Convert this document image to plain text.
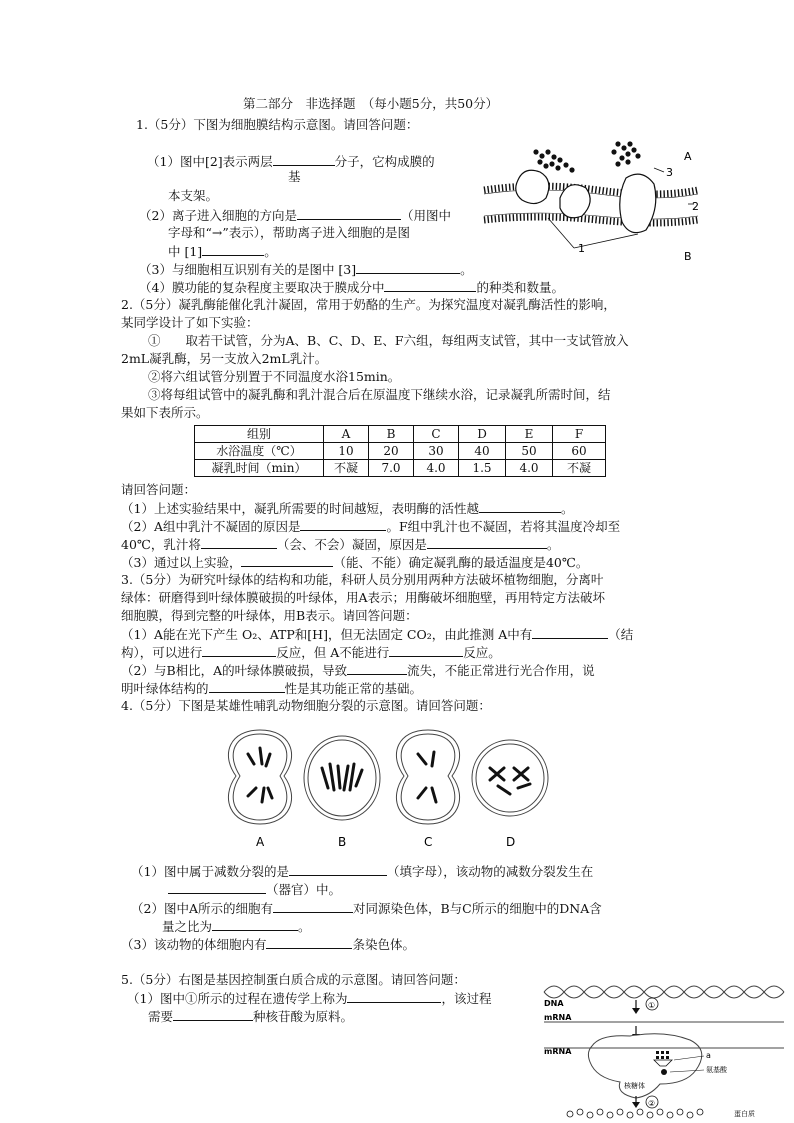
第二部分　非选择题　（每小题5分，共50分）
1.（5分）下图为细胞膜结构示意图。请回答问题：
（1）图中[2]表示两层	分子，它构成膜的
基
本支架。
（2）离子进入细胞的方向是	（用图中
字母和“→”表示），帮助离子进入细胞的是图
中 [1]	。
（3）与细胞相互识别有关的是图中 [3]	。
（4）膜功能的复杂程度主要取决于膜成分中	的种类和数量。
A
3
2
1
B
2.（5分）凝乳酶能催化乳汁凝固，常用于奶酪的生产。为探究温度对凝乳酶活性的影响，
某同学设计了如下实验：
①　　取若干试管，分为A、B、C、D、E、F六组，每组两支试管，其中一支试管放入
2mL凝乳酶，另一支放入2mL乳汁。
②将六组试管分别置于不同温度水浴15min。
③将每组试管中的凝乳酶和乳汁混合后在原温度下继续水浴，记录凝乳所需时间，结
果如下表所示。
组别	A	B	C	D	E	F
水浴温度（℃）	10	20	30	40	50	60
凝乳时间（min）	不凝	7.0	4.0	1.5	4.0	不凝
请回答问题：
（1）上述实验结果中，凝乳所需要的时间越短，表明酶的活性越	。
（2）A组中乳汁不凝固的原因是	。F组中乳汁也不凝固，若将其温度冷却至
40℃，乳汁将	（会、不会）凝固，原因是	。
（3）通过以上实验，	（能、不能）确定凝乳酶的最适温度是40℃。
3.（5分）为研究叶绿体的结构和功能，科研人员分别用两种方法破坏植物细胞，分离叶
绿体：研磨得到叶绿体膜破损的叶绿体，用A表示；用酶破坏细胞壁，再用特定方法破坏
细胞膜，得到完整的叶绿体，用B表示。请回答问题：
（1）A能在光下产生 O₂、ATP和[H]，但无法固定 CO₂，由此推测 A中有	（结
构），可以进行	反应，但 A不能进行	反应。
（2）与B相比，A的叶绿体膜破损，导致	流失，不能正常进行光合作用，说
明叶绿体结构的	性是其功能正常的基础。
4.（5分）下图是某雄性哺乳动物细胞分裂的示意图。请回答问题：
A	B	C	D
（1）图中属于减数分裂的是	（填字母），该动物的减数分裂发生在
（器官）中。
（2）图中A所示的细胞有	对同源染色体，B与C所示的细胞中的DNA含
量之比为	。
（3）该动物的体细胞内有	条染色体。
5.（5分）右图是基因控制蛋白质合成的示意图。请回答问题：
（1）图中①所示的过程在遗传学上称为	，该过程
需要	种核苷酸为原料。
DNA	①
mRNA
mRNA	a
氨基酸
核糖体
②
蛋白质
